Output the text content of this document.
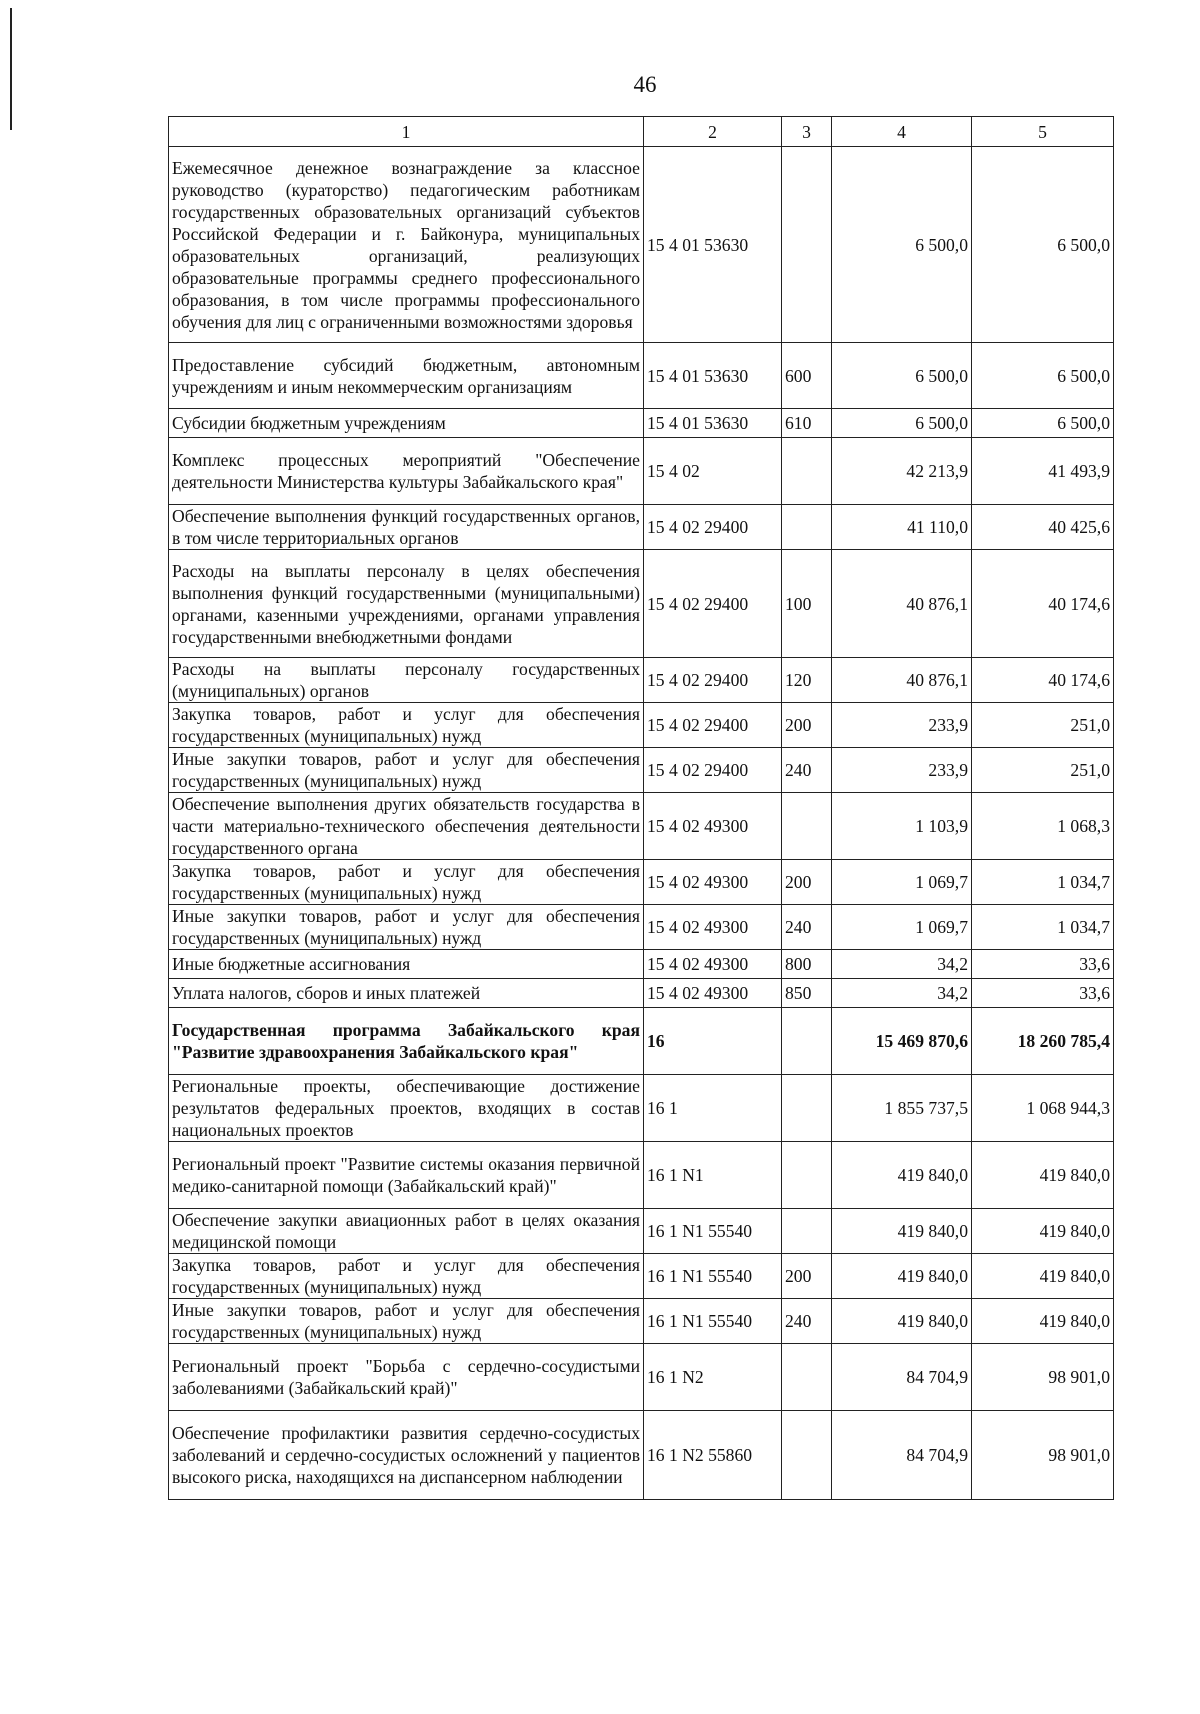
46
1	2	3	4	5
Ежемесячное денежное вознаграждение за классное руководство (кураторство) педагогическим работникам государственных образовательных организаций субъектов Российской Федерации и г. Байконура, муниципальных образовательных организаций, реализующих образовательные программы среднего профессионального образования, в том числе программы профессионального обучения для лиц с ограниченными возможностями здоровья	15 4 01 53630		6 500,0	6 500,0
Предоставление субсидий бюджетным, автономным учреждениям и иным некоммерческим организациям	15 4 01 53630	600	6 500,0	6 500,0
Субсидии бюджетным учреждениям	15 4 01 53630	610	6 500,0	6 500,0
Комплекс процессных мероприятий "Обеспечение деятельности Министерства культуры Забайкальского края"	15 4 02		42 213,9	41 493,9
Обеспечение выполнения функций государственных органов, в том числе территориальных органов	15 4 02 29400		41 110,0	40 425,6
Расходы на выплаты персоналу в целях обеспечения выполнения функций государственными (муниципальными) органами, казенными учреждениями, органами управления государственными внебюджетными фондами	15 4 02 29400	100	40 876,1	40 174,6
Расходы на выплаты персоналу государственных (муниципальных) органов	15 4 02 29400	120	40 876,1	40 174,6
Закупка товаров, работ и услуг для обеспечения государственных (муниципальных) нужд	15 4 02 29400	200	233,9	251,0
Иные закупки товаров, работ и услуг для обеспечения государственных (муниципальных) нужд	15 4 02 29400	240	233,9	251,0
Обеспечение выполнения других обязательств государства в части материально-технического обеспечения деятельности государственного органа	15 4 02 49300		1 103,9	1 068,3
Закупка товаров, работ и услуг для обеспечения государственных (муниципальных) нужд	15 4 02 49300	200	1 069,7	1 034,7
Иные закупки товаров, работ и услуг для обеспечения государственных (муниципальных) нужд	15 4 02 49300	240	1 069,7	1 034,7
Иные бюджетные ассигнования	15 4 02 49300	800	34,2	33,6
Уплата налогов, сборов и иных платежей	15 4 02 49300	850	34,2	33,6
Государственная программа Забайкальского края "Развитие здравоохранения Забайкальского края"	16		15 469 870,6	18 260 785,4
Региональные проекты, обеспечивающие достижение результатов федеральных проектов, входящих в состав национальных проектов	16 1		1 855 737,5	1 068 944,3
Региональный проект "Развитие системы оказания первичной медико-санитарной помощи (Забайкальский край)"	16 1 N1		419 840,0	419 840,0
Обеспечение закупки авиационных работ в целях оказания медицинской помощи	16 1 N1 55540		419 840,0	419 840,0
Закупка товаров, работ и услуг для обеспечения государственных (муниципальных) нужд	16 1 N1 55540	200	419 840,0	419 840,0
Иные закупки товаров, работ и услуг для обеспечения государственных (муниципальных) нужд	16 1 N1 55540	240	419 840,0	419 840,0
Региональный проект "Борьба с сердечно-сосудистыми заболеваниями (Забайкальский край)"	16 1 N2		84 704,9	98 901,0
Обеспечение профилактики развития сердечно-сосудистых заболеваний и сердечно-сосудистых осложнений у пациентов высокого риска, находящихся на диспансерном наблюдении	16 1 N2 55860		84 704,9	98 901,0
